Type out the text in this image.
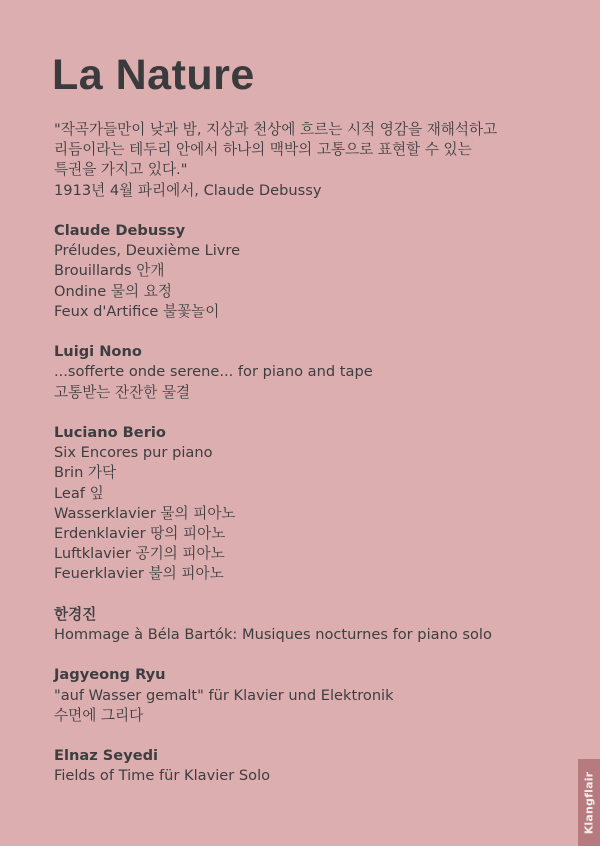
La Nature
"작곡가들만이 낮과 밤, 지상과 천상에 흐르는 시적 영감을 재해석하고
리듬이라는 테두리 안에서 하나의 맥박의 고통으로 표현할 수 있는
특권을 가지고 있다."
1913년 4월 파리에서, Claude Debussy
Claude Debussy
Préludes, Deuxième Livre
Brouillards 안개
Ondine 물의 요정
Feux d'Artifice 불꽃놀이
Luigi Nono
...sofferte onde serene... for piano and tape
고통받는 잔잔한 물결
Luciano Berio
Six Encores pur piano
Brin 가닥
Leaf 잎
Wasserklavier 물의 피아노
Erdenklavier 땅의 피아노
Luftklavier 공기의 피아노
Feuerklavier 불의 피아노
한경진
Hommage à Béla Bartók: Musiques nocturnes for piano solo
Jagyeong Ryu
"auf Wasser gemalt" für Klavier und Elektronik
수면에 그리다
Elnaz Seyedi
Fields of Time für Klavier Solo	Klangflair
